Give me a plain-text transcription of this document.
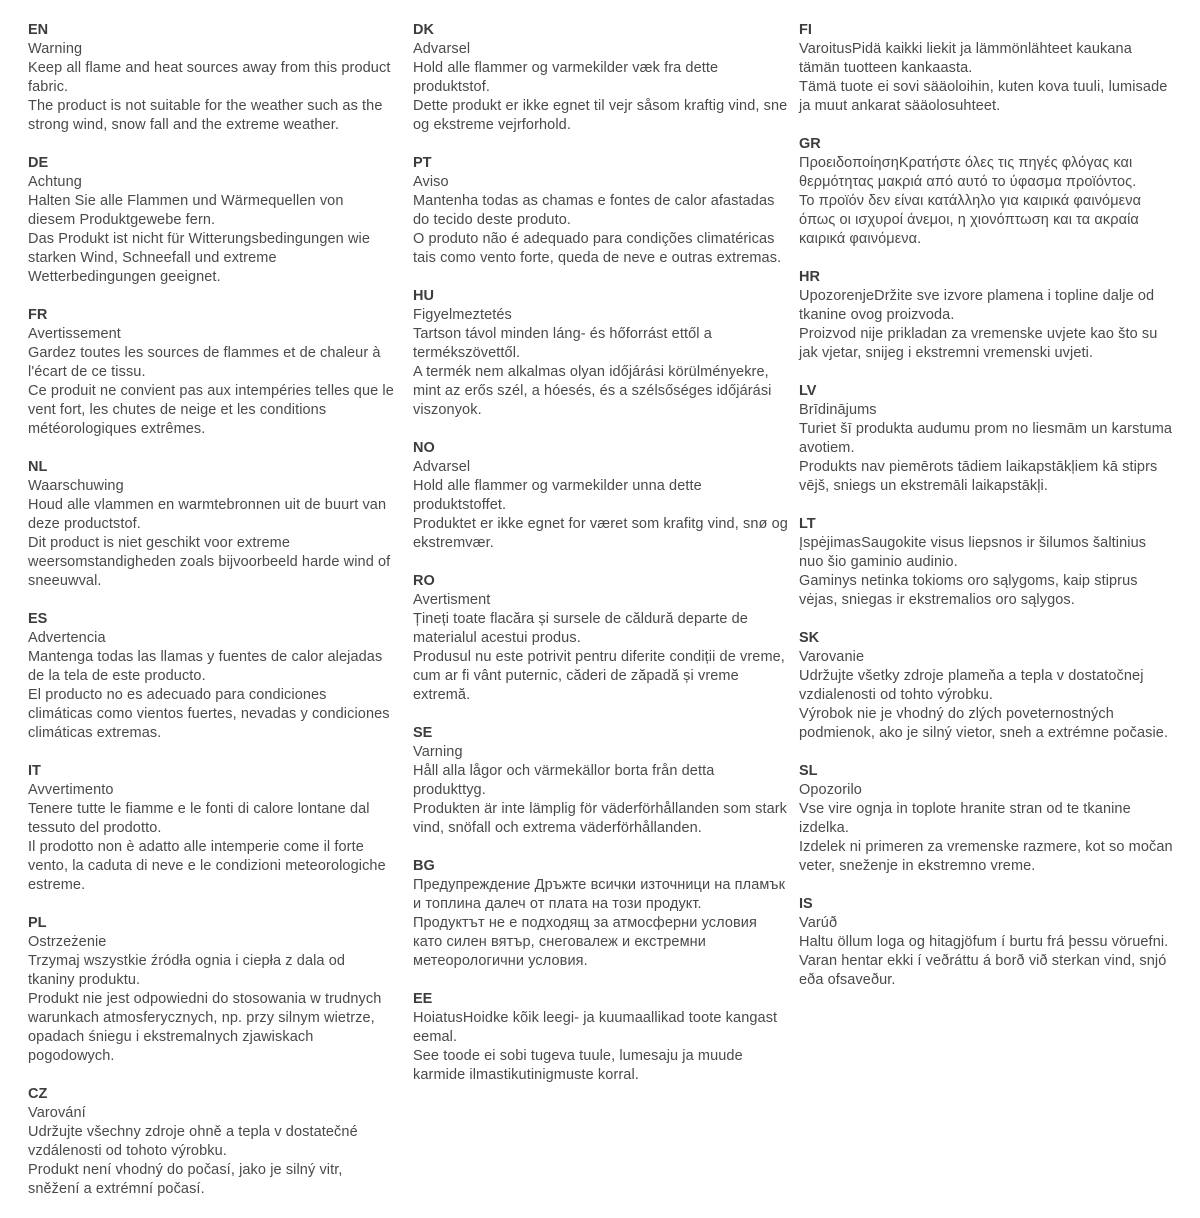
EN
Warning
Keep all flame and heat sources away from this product fabric.
The product is not suitable for the weather such as the strong wind, snow fall and the extreme weather.
DE
Achtung
Halten Sie alle Flammen und Wärmequellen von diesem Produktgewebe fern.
Das Produkt ist nicht für Witterungsbedingungen wie starken Wind, Schneefall und extreme Wetterbedingungen geeignet.
FR
Avertissement
Gardez toutes les sources de flammes et de chaleur à l'écart de ce tissu.
Ce produit ne convient pas aux intempéries telles que le vent fort, les chutes de neige et les conditions météorologiques extrêmes.
NL
Waarschuwing
Houd alle vlammen en warmtebronnen uit de buurt van deze productstof.
Dit product is niet geschikt voor extreme weersomstandigheden zoals bijvoorbeeld harde wind of sneeuwval.
ES
Advertencia
Mantenga todas las llamas y fuentes de calor alejadas de la tela de este producto.
El producto no es adecuado para condiciones climáticas como vientos fuertes, nevadas y condiciones climáticas extremas.
IT
Avvertimento
Tenere tutte le fiamme e le fonti di calore lontane dal tessuto del prodotto.
Il prodotto non è adatto alle intemperie come il forte vento, la caduta di neve e le condizioni meteorologiche estreme.
PL
Ostrzeżenie
Trzymaj wszystkie źródła ognia i ciepła z dala od tkaniny produktu.
Produkt nie jest odpowiedni do stosowania w trudnych warunkach atmosferycznych, np. przy silnym wietrze, opadach śniegu i ekstremalnych zjawiskach pogodowych.
CZ
Varování
Udržujte všechny zdroje ohně a tepla v dostatečné vzdálenosti od tohoto výrobku.
Produkt není vhodný do počasí, jako je silný vitr, sněžení a extrémní počasí.
DK
Advarsel
Hold alle flammer og varmekilder væk fra dette produktstof.
Dette produkt er ikke egnet til vejr såsom kraftig vind, sne og ekstreme vejrforhold.
PT
Aviso
Mantenha todas as chamas e fontes de calor afastadas do tecido deste produto.
O produto não é adequado para condições climatéricas tais como vento forte, queda de neve e outras extremas.
HU
Figyelmeztetés
Tartson távol minden láng- és hőforrást ettől a termékszövettől.
A termék nem alkalmas olyan időjárási körülményekre, mint az erős szél, a hóesés, és a szélsőséges időjárási viszonyok.
NO
Advarsel
Hold alle flammer og varmekilder unna dette produktstoffet.
Produktet er ikke egnet for været som krafitg vind, snø og ekstremvær.
RO
Avertisment
Țineți toate flacăra și sursele de căldură departe de materialul acestui produs.
Produsul nu este potrivit pentru diferite condiții de vreme, cum ar fi vânt puternic, căderi de zăpadă și vreme extremă.
SE
Varning
Håll alla lågor och värmekällor borta från detta produkttyg.
Produkten är inte lämplig för väderförhållanden som stark vind, snöfall och extrema väderförhållanden.
BG
Предупреждение Дръжте всички източници на пламък и топлина далеч от плата на този продукт.
Продуктът не е подходящ за атмосферни условия като силен вятър, снеговалеж и екстремни метеорологични условия.
EE
HoiatusHoidke kõik leegi- ja kuumaallikad toote kangast eemal.
See toode ei sobi tugeva tuule, lumesaju ja muude karmide ilmastikutinigmuste korral.
FI
VaroitusPidä kaikki liekit ja lämmönlähteet kaukana tämän tuotteen kankaasta.
Tämä tuote ei sovi sääoloihin, kuten kova tuuli, lumisade ja muut ankarat sääolosuhteet.
GR
ΠροειδοποίησηΚρατήστε όλες τις πηγές φλόγας και θερμότητας μακριά από αυτό το ύφασμα προϊόντος.
Το προϊόν δεν είναι κατάλληλο για καιρικά φαινόμενα όπως οι ισχυροί άνεμοι, η χιονόπτωση και τα ακραία καιρικά φαινόμενα.
HR
UpozorenjeDržite sve izvore plamena i topline dalje od tkanine ovog proizvoda.
Proizvod nije prikladan za vremenske uvjete kao što su jak vjetar, snijeg i ekstremni vremenski uvjeti.
LV
Brīdinājums
Turiet šī produkta audumu prom no liesmām un karstuma avotiem.
Produkts nav piemērots tādiem laikapstākļiem kā stiprs vējš, sniegs un ekstremāli laikapstākļi.
LT
ĮspėjimasSaugokite visus liepsnos ir šilumos šaltinius nuo šio gaminio audinio.
Gaminys netinka tokioms oro sąlygoms, kaip stiprus vėjas, sniegas ir ekstremalios oro sąlygos.
SK
Varovanie
Udržujte všetky zdroje plameňa a tepla v dostatočnej vzdialenosti od tohto výrobku.
Výrobok nie je vhodný do zlých poveternostných podmienok, ako je silný vietor, sneh a extrémne počasie.
SL
Opozorilo
Vse vire ognja in toplote hranite stran od te tkanine izdelka.
Izdelek ni primeren za vremenske razmere, kot so močan veter, sneženje in ekstremno vreme.
IS
Varúð
Haltu öllum loga og hitagjöfum í burtu frá þessu vöruefni.
Varan hentar ekki í veðráttu á borð við sterkan vind, snjó eða ofsaveður.
